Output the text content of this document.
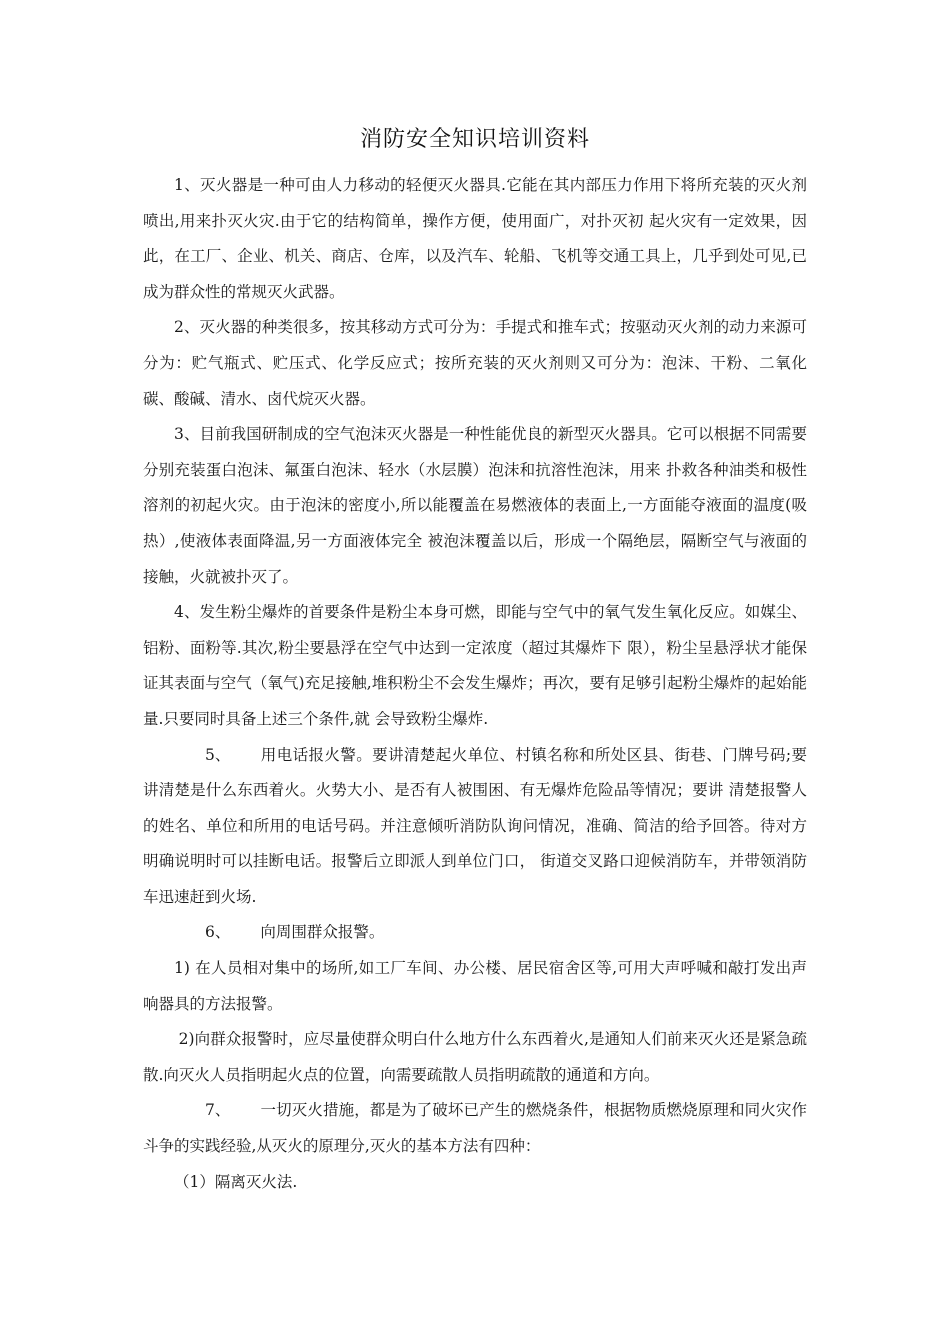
消防安全知识培训资料

1、灭火器是一种可由人力移动的轻便灭火器具.它能在其内部压力作用下将所充装的灭火剂喷出,用来扑灭火灾.由于它的结构简单，操作方便，使用面广，对扑灭初 起火灾有一定效果，因此，在工厂、企业、机关、商店、仓库，以及汽车、轮船、飞机等交通工具上，几乎到处可见,已成为群众性的常规灭火武器。

2、灭火器的种类很多，按其移动方式可分为：手提式和推车式；按驱动灭火剂的动力来源可分为：贮气瓶式、贮压式、化学反应式；按所充装的灭火剂则又可分为：泡沫、干粉、二氧化碳、酸碱、清水、卤代烷灭火器。

3、目前我国研制成的空气泡沫灭火器是一种性能优良的新型灭火器具。它可以根据不同需要分别充装蛋白泡沫、氟蛋白泡沫、轻水（水层膜）泡沫和抗溶性泡沫，用来 扑救各种油类和极性溶剂的初起火灾。由于泡沫的密度小,所以能覆盖在易燃液体的表面上,一方面能夺液面的温度(吸热）,使液体表面降温,另一方面液体完全 被泡沫覆盖以后，形成一个隔绝层，隔断空气与液面的接触，火就被扑灭了。

4、发生粉尘爆炸的首要条件是粉尘本身可燃，即能与空气中的氧气发生氧化反应。如媒尘、铝粉、面粉等.其次,粉尘要悬浮在空气中达到一定浓度（超过其爆炸下 限），粉尘呈悬浮状才能保证其表面与空气（氧气)充足接触,堆积粉尘不会发生爆炸；再次，要有足够引起粉尘爆炸的起始能量.只要同时具备上述三个条件,就 会导致粉尘爆炸.

5、 用电话报火警。要讲清楚起火单位、村镇名称和所处区县、街巷、门牌号码;要讲清楚是什么东西着火。火势大小、是否有人被围困、有无爆炸危险品等情况；要讲 清楚报警人的姓名、单位和所用的电话号码。并注意倾听消防队询问情况，准确、简洁的给予回答。待对方明确说明时可以挂断电话。报警后立即派人到单位门口， 街道交叉路口迎候消防车，并带领消防车迅速赶到火场.

6、 向周围群众报警。

1) 在人员相对集中的场所,如工厂车间、办公楼、居民宿舍区等,可用大声呼喊和敲打发出声响器具的方法报警。

2)向群众报警时，应尽量使群众明白什么地方什么东西着火,是通知人们前来灭火还是紧急疏散.向灭火人员指明起火点的位置，向需要疏散人员指明疏散的通道和方向。

7、 一切灭火措施，都是为了破坏已产生的燃烧条件，根据物质燃烧原理和同火灾作斗争的实践经验,从灭火的原理分,灭火的基本方法有四种：

（1）隔离灭火法.
